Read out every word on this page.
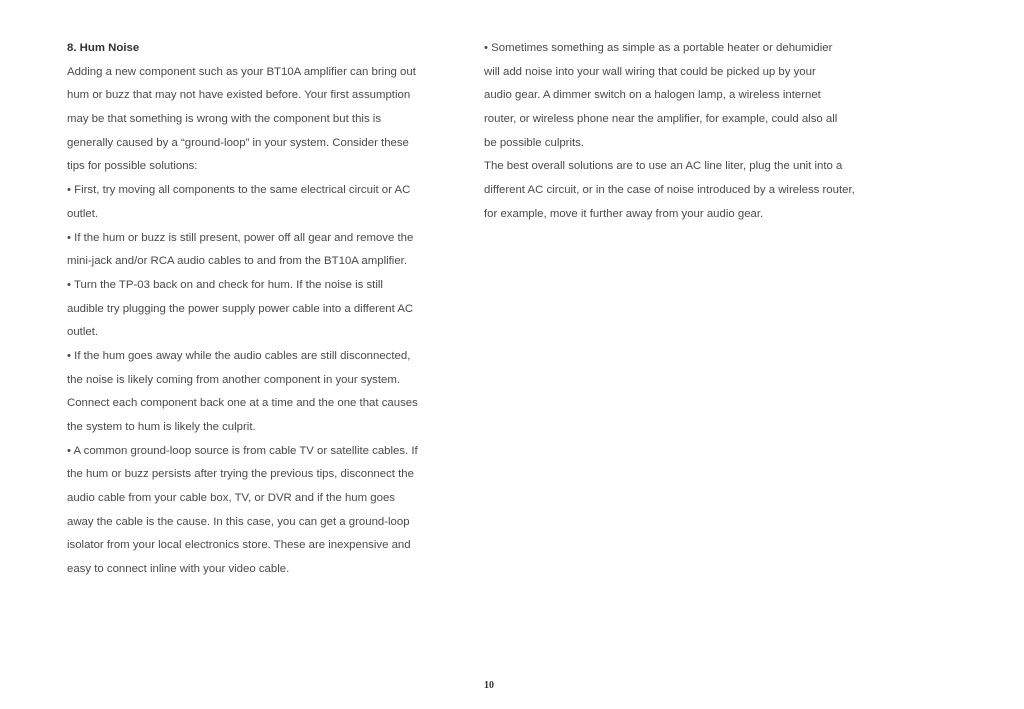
8. Hum Noise
Adding a new component such as your BT10A amplifier can bring out
hum or buzz that may not have existed before. Your first assumption
may be that something is wrong with the component but this is
generally caused by a “ground-loop” in your system. Consider these
tips for possible solutions:
• First, try moving all components to the same electrical circuit or AC
outlet.
• If the hum or buzz is still present, power off all gear and remove the
mini-jack and/or RCA audio cables to and from the BT10A amplifier.
• Turn the TP-03 back on and check for hum. If the noise is still
audible try plugging the power supply power cable into a different AC
outlet.
• If the hum goes away while the audio cables are still disconnected,
the noise is likely coming from another component in your system.
Connect each component back one at a time and the one that causes
the system to hum is likely the culprit.
• A common ground-loop source is from cable TV or satellite cables. If
the hum or buzz persists after trying the previous tips, disconnect the
audio cable from your cable box, TV, or DVR and if the hum goes
away the cable is the cause. In this case, you can get a ground-loop
isolator from your local electronics store. These are inexpensive and
easy to connect inline with your video cable.
• Sometimes something as simple as a portable heater or dehumidier
will add noise into your wall wiring that could be picked up by your
audio gear. A dimmer switch on a halogen lamp, a wireless internet
router, or wireless phone near the amplifier, for example, could also all
be possible culprits.
The best overall solutions are to use an AC line liter, plug the unit into a
different AC circuit, or in the case of noise introduced by a wireless router,
for example, move it further away from your audio gear.
10
